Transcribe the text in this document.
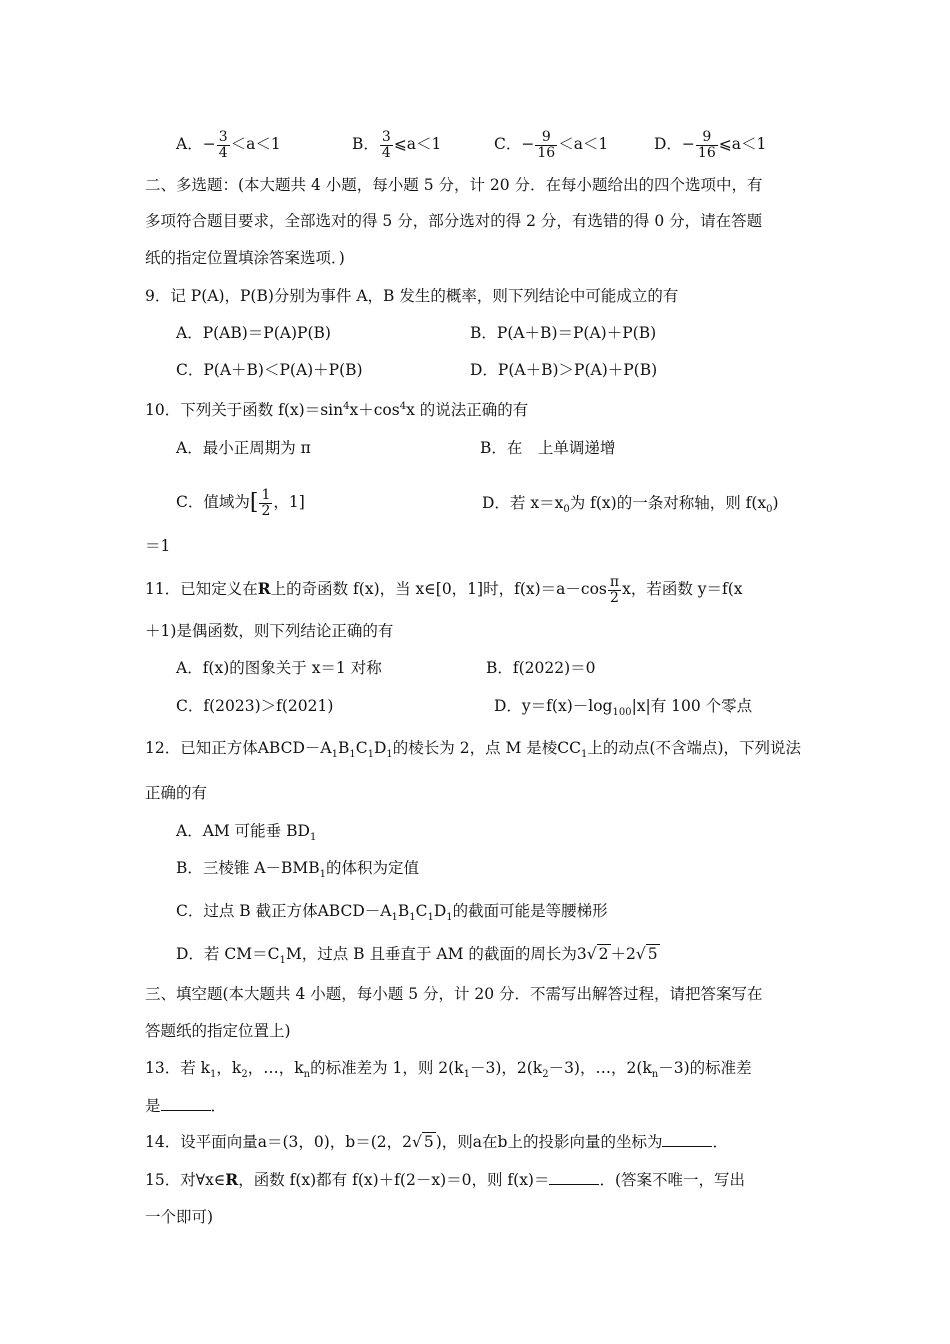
A．− $\frac{3}{4} <a<1$	B． $\frac{3}{4}$ ⩽a＜1	C．− $\frac{9}{16} <a<1$	D．− $\frac{9}{16}$ ⩽a＜1
二、多选题：(本大题共 4 小题，每小题 5 分，计 20 分．在每小题给出的四个选项中，有
多项符合题目要求，全部选对的得 5 分，部分选对的得 2 分，有选错的得 0 分，请在答题
纸的指定位置填涂答案选项．)
9．记 P(A)，P(B)分别为事件 A，B 发生的概率，则下列结论中可能成立的有
A．P(AB)＝P(A)P(B)	B．P(A＋B)＝P(A)＋P(B)
C．P(A＋B)＜P(A)＋P(B)	D．P(A＋B)＞P(A)＋P(B)
10．下列关于函数 $f(x)=\sin^4x+\cos^4x$ 的说法正确的有
A．最小正周期为 π	B．在　上单调递增
C．值域为[ $\frac{1}{2}$ ，1]	D．若 $x=x_0$为 f(x)的一条对称轴，则 $f(x_0)$
＝1
11．已知定义在R上的奇函数 f(x)，当 x∈[0，1]时，$f(x)=a-\cos \frac{\pi}{2}$ x，若函数 y＝f(x
＋1)是偶函数，则下列结论正确的有
A．f(x)的图象关于 x＝1 对称	B．f(2022)＝0
C．f(2023)＞f(2021)	D．$y=f(x)-\log_{100}|x|$有 100 个零点
12．已知正方体$ABCD-A_1B_1C_1D_1$的棱长为 2，点 M 是棱$CC_1$上的动点(不含端点)，下列说法
正确的有
A．AM 可能垂 $BD_1$
B．三棱锥 $A-BMB_1$的体积为定值
C．过点 B 截正方体$ABCD-A_1B_1C_1D_1$的截面可能是等腰梯形
D．若 $CM=C_1M$，过点 B 且垂直于 AM 的截面的周长为3√ 2 ＋2√ 5
三、填空题(本大题共 4 小题，每小题 5 分，计 20 分．不需写出解答过程，请把答案写在
答题纸的指定位置上)
13．若 $k_1$，$k_2$，…，$k_n$的标准差为 1，则 $2(k_1-3)$，$2(k_2-3)$，…，$2(k_n-3)$的标准差
是	．
14．设平面向量a＝(3，0)，b＝(2，2√ 5 )，则a在b上的投影向量的坐标为	．
15．对∀x∈R，函数 f(x)都有 f(x)＋f(2－x)＝0，则 f(x)＝	．(答案不唯一，写出
一个即可)
